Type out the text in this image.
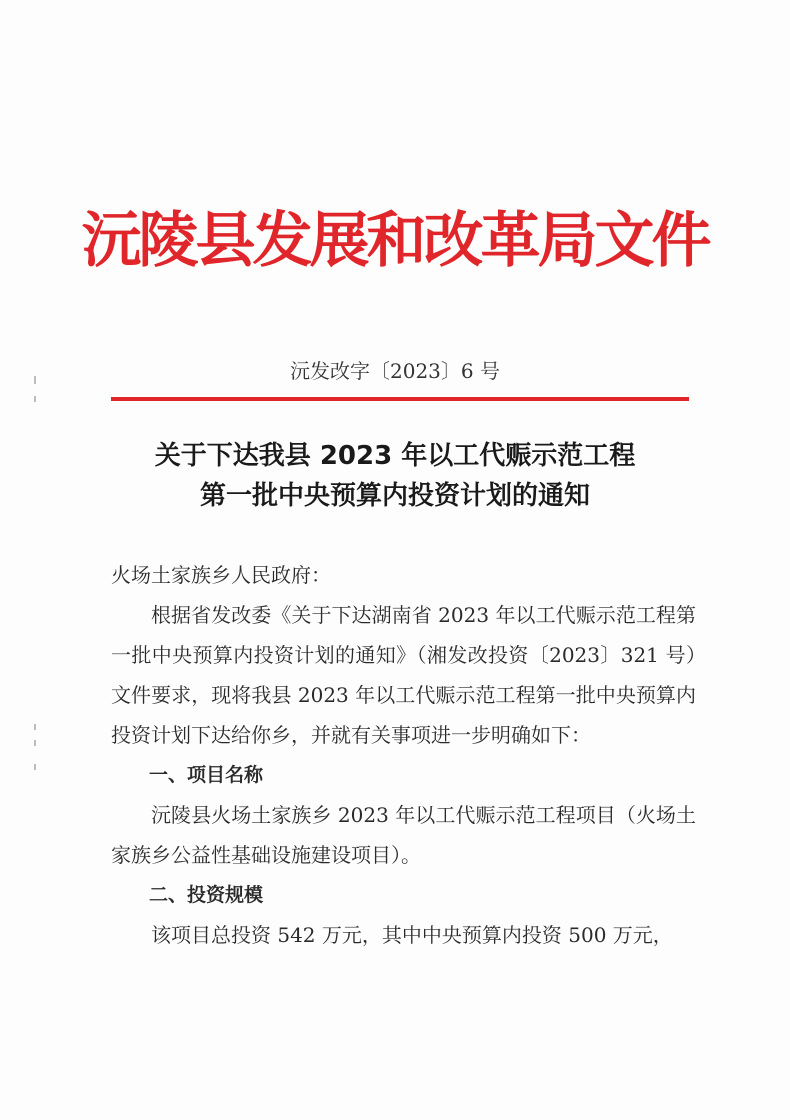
沅陵县发展和改革局文件
沅发改字〔2023〕6 号
关于下达我县 2023 年以工代赈示范工程
第一批中央预算内投资计划的通知

火场土家族乡人民政府：

根据省发改委《关于下达湖南省 2023 年以工代赈示范工程第一批中央预算内投资计划的通知》（湘发改投资〔2023〕321 号）文件要求，现将我县 2023 年以工代赈示范工程第一批中央预算内投资计划下达给你乡，并就有关事项进一步明确如下：

一、项目名称

沅陵县火场土家族乡 2023 年以工代赈示范工程项目（火场土家族乡公益性基础设施建设项目）。

二、投资规模

该项目总投资 542 万元，其中中央预算内投资 500 万元，
